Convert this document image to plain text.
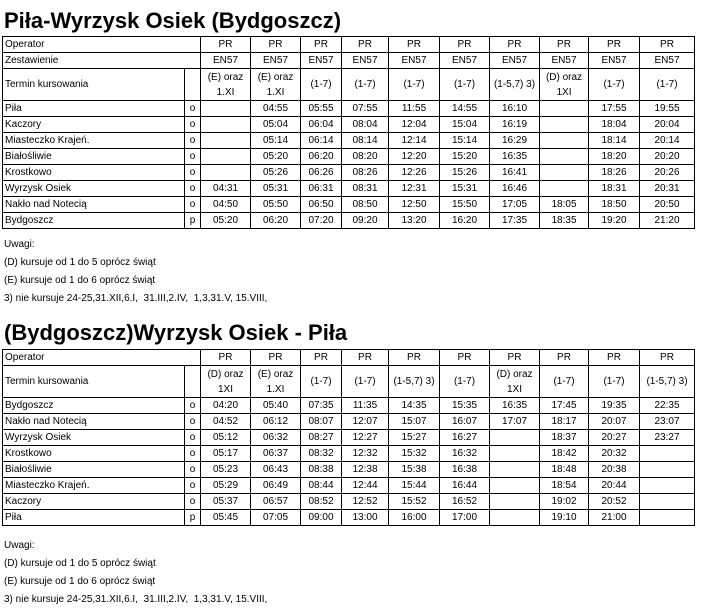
Piła-Wyrzysk Osiek (Bydgoszcz)
Operator		PR	PR	PR	PR	PR	PR	PR	PR	PR	PR
Zestawienie		EN57	EN57	EN57	EN57	EN57	EN57	EN57	EN57	EN57	EN57
Termin kursowania		(E) oraz 1.XI	(E) oraz 1.XI	(1-7)	(1-7)	(1-7)	(1-7)	(1-5,7) 3)	(D) oraz 1XI	(1-7)	(1-7)
Piła	o		04:55	05:55	07:55	11:55	14:55	16:10		17:55	19:55
Kaczory	o		05:04	06:04	08:04	12:04	15:04	16:19		18:04	20:04
Miasteczko Krajeń.	o		05:14	06:14	08:14	12:14	15:14	16:29		18:14	20:14
Białośliwie	o		05:20	06:20	08:20	12:20	15:20	16:35		18:20	20:20
Krostkowo	o		05:26	06:26	08:26	12:26	15:26	16:41		18:26	20:26
Wyrzysk Osiek	o	04:31	05:31	06:31	08:31	12:31	15:31	16:46		18:31	20:31
Nakło nad Notecią	o	04:50	05:50	06:50	08:50	12:50	15:50	17:05	18:05	18:50	20:50
Bydgoszcz	p	05:20	06:20	07:20	09:20	13:20	16:20	17:35	18:35	19:20	21:20
Uwagi:
(D) kursuje od 1 do 5 oprócz świąt
(E) kursuje od 1 do 6 oprócz świąt
3) nie kursuje 24-25,31.XII,6.I,  31.III,2.IV,  1,3,31.V, 15.VIII,
(Bydgoszcz)Wyrzysk Osiek - Piła
Operator		PR	PR	PR	PR	PR	PR	PR	PR	PR	PR
Termin kursowania		(D) oraz 1XI	(E) oraz 1.XI	(1-7)	(1-7)	(1-5,7) 3)	(1-7)	(D) oraz 1XI	(1-7)	(1-7)	(1-5,7) 3)
Bydgoszcz	o	04:20	05:40	07:35	11:35	14:35	15:35	16:35	17:45	19:35	22:35
Nakło nad Notecią	o	04:52	06:12	08:07	12:07	15:07	16:07	17:07	18:17	20:07	23:07
Wyrzysk Osiek	o	05:12	06:32	08:27	12:27	15:27	16:27		18:37	20:27	23:27
Krostkowo	o	05:17	06:37	08:32	12:32	15:32	16:32		18:42	20:32	
Białośliwie	o	05:23	06:43	08:38	12:38	15:38	16:38		18:48	20:38	
Miasteczko Krajeń.	o	05:29	06:49	08:44	12:44	15:44	16:44		18:54	20:44	
Kaczory	o	05:37	06:57	08:52	12:52	15:52	16:52		19:02	20:52	
Piła	p	05:45	07:05	09:00	13:00	16:00	17:00		19:10	21:00	
Uwagi:
(D) kursuje od 1 do 5 oprócz świąt
(E) kursuje od 1 do 6 oprócz świąt
3) nie kursuje 24-25,31.XII,6.I,  31.III,2.IV,  1,3,31.V, 15.VIII,
